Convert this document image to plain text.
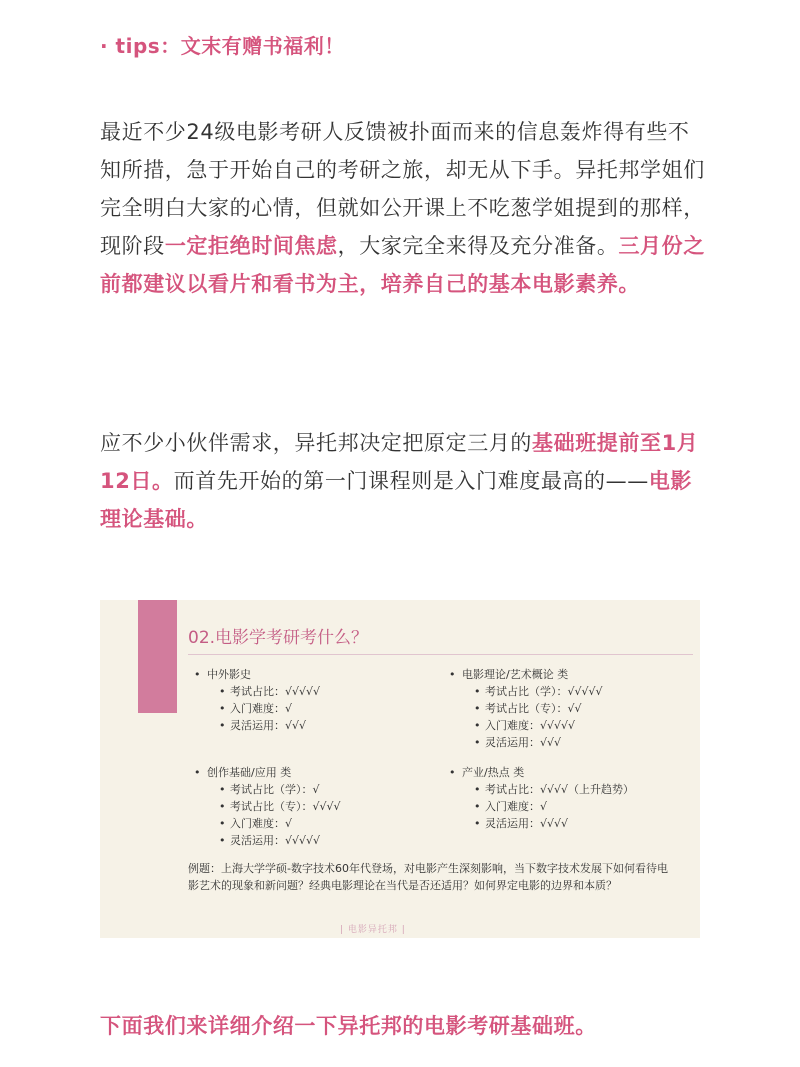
· tips：文末有赠书福利！
最近不少24级电影考研人反馈被扑面而来的信息轰炸得有些不知所措，急于开始自己的考研之旅，却无从下手。异托邦学姐们完全明白大家的心情，但就如公开课上不吃葱学姐提到的那样，现阶段一定拒绝时间焦虑，大家完全来得及充分准备。三月份之前都建议以看片和看书为主，培养自己的基本电影素养。
应不少小伙伴需求，异托邦决定把原定三月的基础班提前至1月12日。而首先开始的第一门课程则是入门难度最高的——电影理论基础。
02.电影学考研考什么？
• 中外影史
• 考试占比：√√√√√
• 入门难度：√
• 灵活运用：√√√
• 电影理论/艺术概论 类
• 考试占比（学）：√√√√√
• 考试占比（专）：√√
• 入门难度：√√√√√
• 灵活运用：√√√
• 创作基础/应用 类
• 考试占比（学）：√
• 考试占比（专）：√√√√
• 入门难度：√
• 灵活运用：√√√√√
• 产业/热点 类
• 考试占比：√√√√（上升趋势）
• 入门难度：√
• 灵活运用：√√√√
例题：上海大学学硕-数字技术60年代登场，对电影产生深刻影响，当下数字技术发展下如何看待电影艺术的现象和新问题？经典电影理论在当代是否还适用？如何界定电影的边界和本质？
| 电影异托邦 |
下面我们来详细介绍一下异托邦的电影考研基础班。
